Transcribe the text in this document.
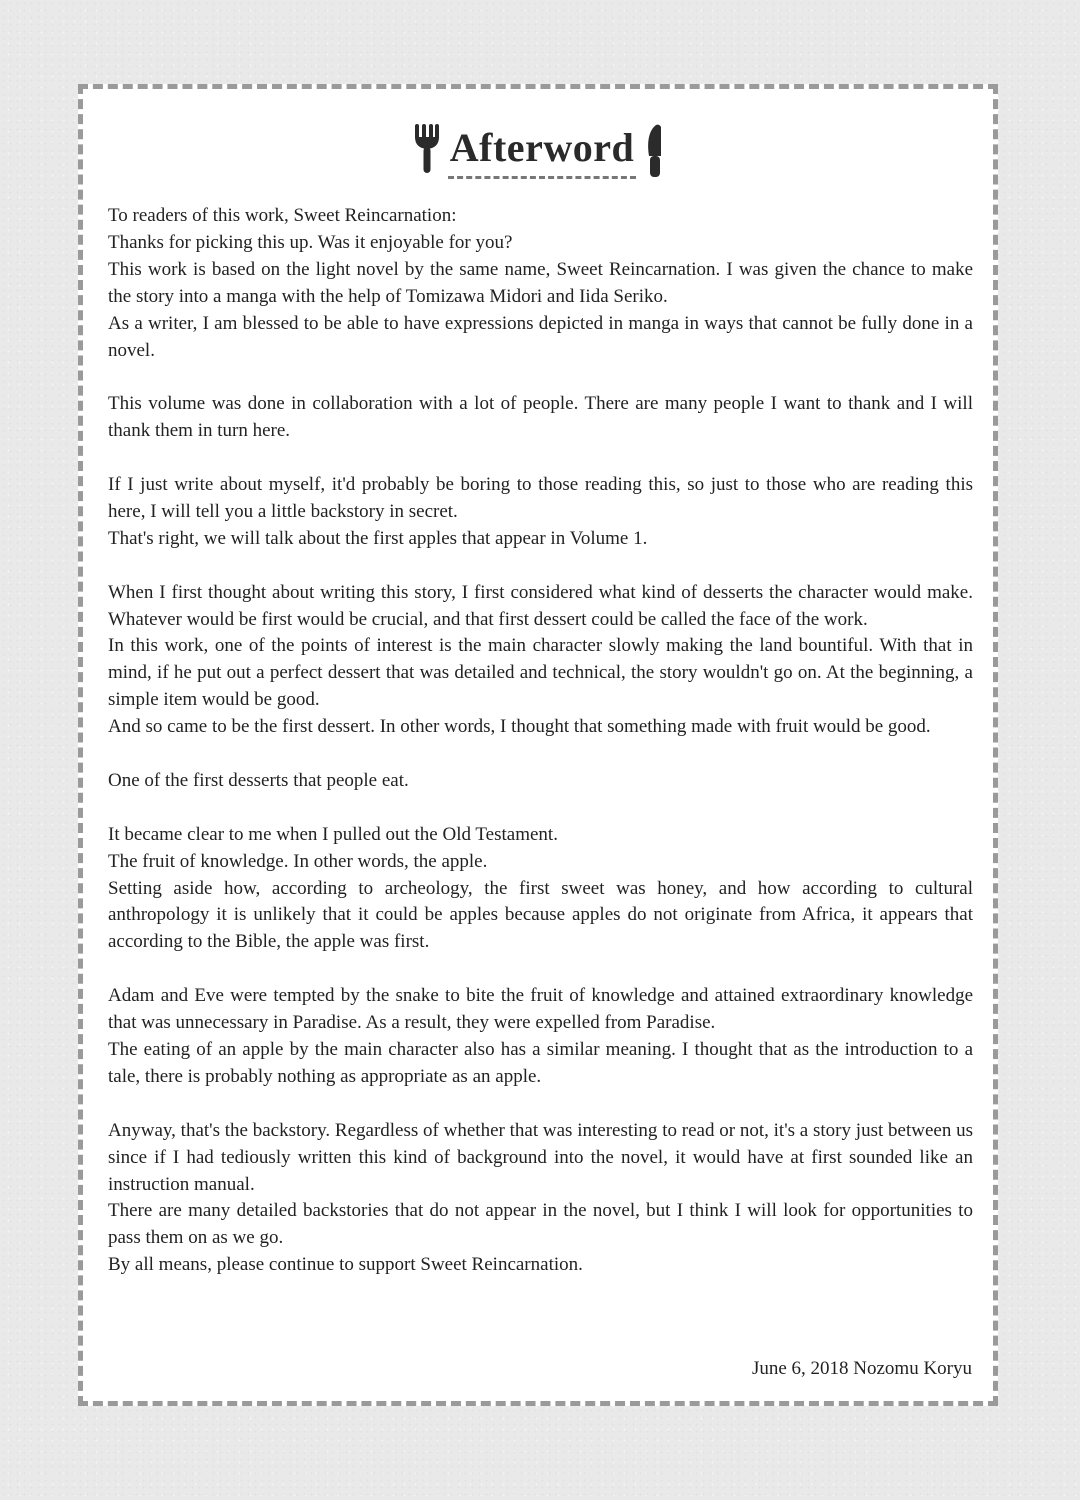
Afterword

To readers of this work, Sweet Reincarnation:

Thanks for picking this up. Was it enjoyable for you?

This work is based on the light novel by the same name, Sweet Reincarnation. I was given the chance to make the story into a manga with the help of Tomizawa Midori and Iida Seriko.

As a writer, I am blessed to be able to have expressions depicted in manga in ways that cannot be fully done in a novel.

This volume was done in collaboration with a lot of people. There are many people I want to thank and I will thank them in turn here.

If I just write about myself, it'd probably be boring to those reading this, so just to those who are reading this here, I will tell you a little backstory in secret.

That's right, we will talk about the first apples that appear in Volume 1.

When I first thought about writing this story, I first considered what kind of desserts the character would make. Whatever would be first would be crucial, and that first dessert could be called the face of the work.

In this work, one of the points of interest is the main character slowly making the land bountiful. With that in mind, if he put out a perfect dessert that was detailed and technical, the story wouldn't go on. At the beginning, a simple item would be good.

And so came to be the first dessert. In other words, I thought that something made with fruit would be good.

One of the first desserts that people eat.

It became clear to me when I pulled out the Old Testament.

The fruit of knowledge. In other words, the apple.

Setting aside how, according to archeology, the first sweet was honey, and how according to cultural anthropology it is unlikely that it could be apples because apples do not originate from Africa, it appears that according to the Bible, the apple was first.

Adam and Eve were tempted by the snake to bite the fruit of knowledge and attained extraordinary knowledge that was unnecessary in Paradise. As a result, they were expelled from Paradise.

The eating of an apple by the main character also has a similar meaning. I thought that as the introduction to a tale, there is probably nothing as appropriate as an apple.

Anyway, that's the backstory. Regardless of whether that was interesting to read or not, it's a story just between us since if I had tediously written this kind of background into the novel, it would have at first sounded like an instruction manual.

There are many detailed backstories that do not appear in the novel, but I think I will look for opportunities to pass them on as we go.

By all means, please continue to support Sweet Reincarnation.

June 6, 2018 Nozomu Koryu
